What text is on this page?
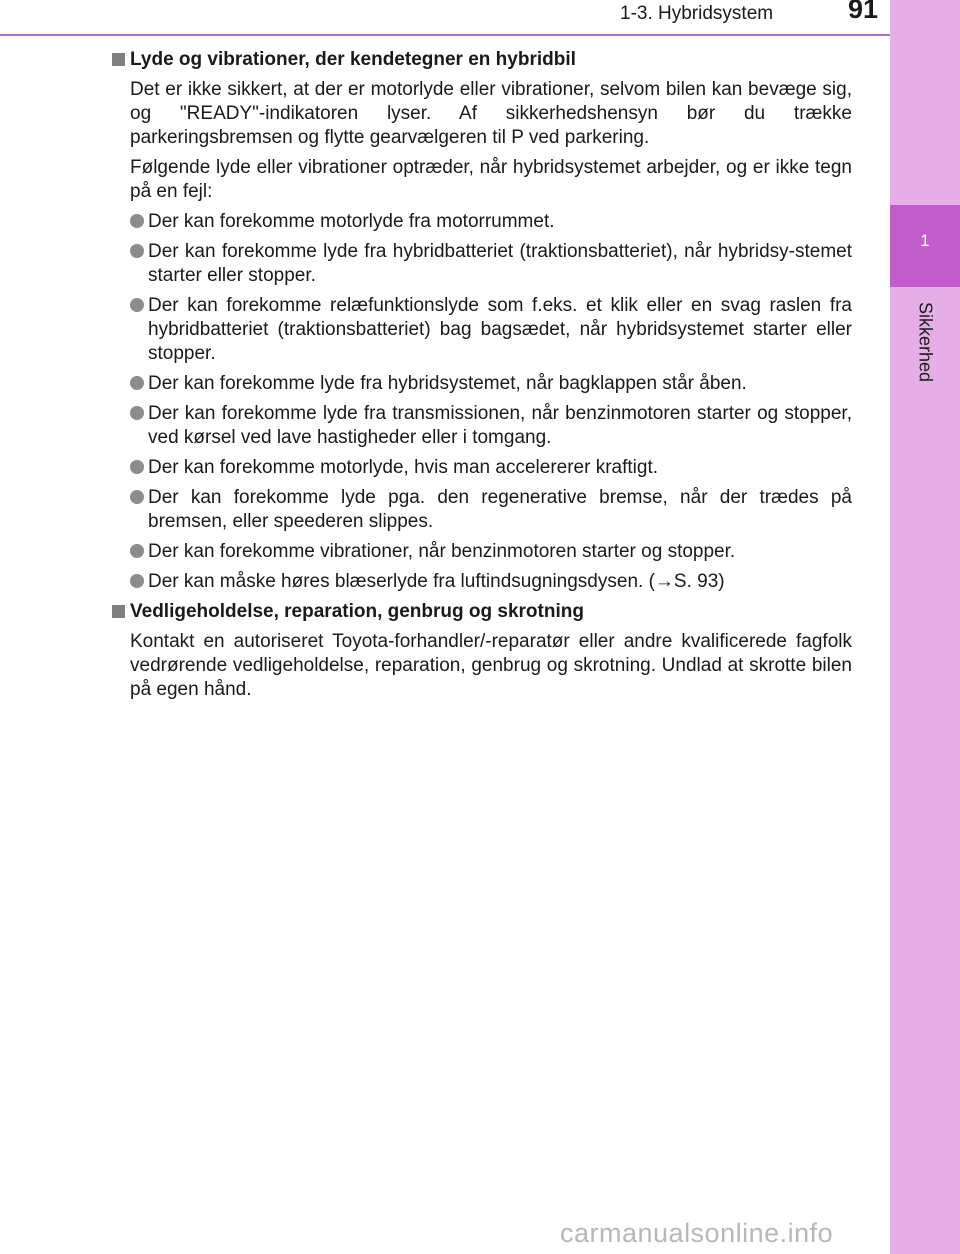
1-3. Hybridsystem	91
1
Sikkerhed
Lyde og vibrationer, der kendetegner en hybridbil

Det er ikke sikkert, at der er motorlyde eller vibrationer, selvom bilen kan bevæge sig, og "READY"-indikatoren lyser. Af sikkerhedshensyn bør du trække parkeringsbremsen og flytte gearvælgeren til P ved parkering.

Følgende lyde eller vibrationer optræder, når hybridsystemet arbejder, og er ikke tegn på en fejl:

Der kan forekomme motorlyde fra motorrummet.
Der kan forekomme lyde fra hybridbatteriet (traktionsbatteriet), når hybridsy-stemet starter eller stopper.
Der kan forekomme relæfunktionslyde som f.eks. et klik eller en svag raslen fra hybridbatteriet (traktionsbatteriet) bag bagsædet, når hybridsystemet starter eller stopper.
Der kan forekomme lyde fra hybridsystemet, når bagklappen står åben.
Der kan forekomme lyde fra transmissionen, når benzinmotoren starter og stopper, ved kørsel ved lave hastigheder eller i tomgang.
Der kan forekomme motorlyde, hvis man accelererer kraftigt.
Der kan forekomme lyde pga. den regenerative bremse, når der trædes på bremsen, eller speederen slippes.
Der kan forekomme vibrationer, når benzinmotoren starter og stopper.
Der kan måske høres blæserlyde fra luftindsugningsdysen. (→S. 93)
Vedligeholdelse, reparation, genbrug og skrotning

Kontakt en autoriseret Toyota-forhandler/-reparatør eller andre kvalificerede fagfolk vedrørende vedligeholdelse, reparation, genbrug og skrotning. Undlad at skrotte bilen på egen hånd.

carmanualsonline.info
